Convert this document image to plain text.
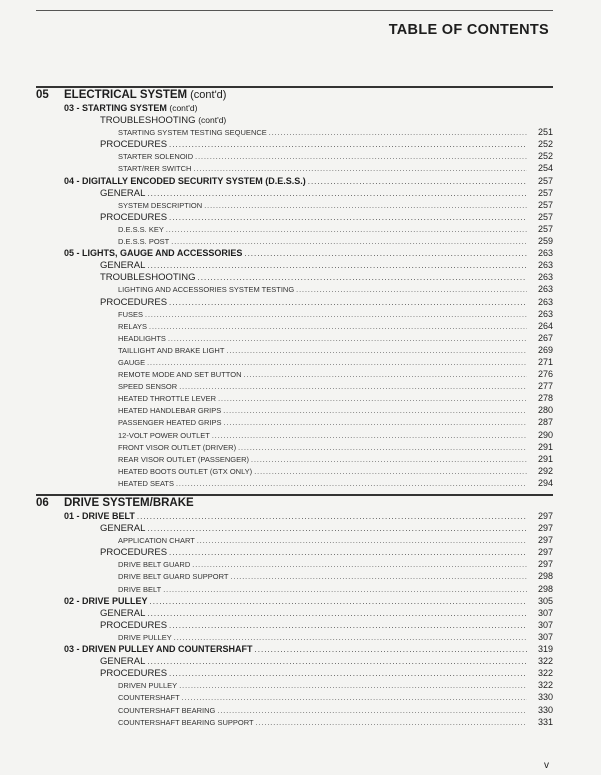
TABLE OF CONTENTS
05	ELECTRICAL SYSTEM (cont'd)
03 - STARTING SYSTEM (cont'd)
TROUBLESHOOTING (cont'd)
STARTING SYSTEM TESTING SEQUENCE .....	251
PROCEDURES .....	252
STARTER SOLENOID .....	252
START/RER SWITCH .....	254
04 - DIGITALLY ENCODED SECURITY SYSTEM (D.E.S.S.) .....	257
GENERAL .....	257
SYSTEM DESCRIPTION .....	257
PROCEDURES .....	257
D.E.S.S. KEY .....	257
D.E.S.S. POST .....	259
05 - LIGHTS, GAUGE AND ACCESSORIES .....	263
GENERAL .....	263
TROUBLESHOOTING .....	263
LIGHTING AND ACCESSORIES SYSTEM TESTING .....	263
PROCEDURES .....	263
FUSES .....	263
RELAYS .....	264
HEADLIGHTS .....	267
TAILLIGHT AND BRAKE LIGHT .....	269
GAUGE .....	271
REMOTE MODE AND SET BUTTON .....	276
SPEED SENSOR .....	277
HEATED THROTTLE LEVER .....	278
HEATED HANDLEBAR GRIPS .....	280
PASSENGER HEATED GRIPS .....	287
12-VOLT POWER OUTLET .....	290
FRONT VISOR OUTLET (DRIVER) .....	291
REAR VISOR OUTLET (PASSENGER) .....	291
HEATED BOOTS OUTLET (GTX ONLY) .....	292
HEATED SEATS .....	294
06	DRIVE SYSTEM/BRAKE
01 - DRIVE BELT .....	297
GENERAL .....	297
APPLICATION CHART .....	297
PROCEDURES .....	297
DRIVE BELT GUARD .....	297
DRIVE BELT GUARD SUPPORT .....	298
DRIVE BELT .....	298
02 - DRIVE PULLEY .....	305
GENERAL .....	307
PROCEDURES .....	307
DRIVE PULLEY .....	307
03 - DRIVEN PULLEY AND COUNTERSHAFT .....	319
GENERAL .....	322
PROCEDURES .....	322
DRIVEN PULLEY .....	322
COUNTERSHAFT .....	330
COUNTERSHAFT BEARING .....	330
COUNTERSHAFT BEARING SUPPORT .....	331
v
